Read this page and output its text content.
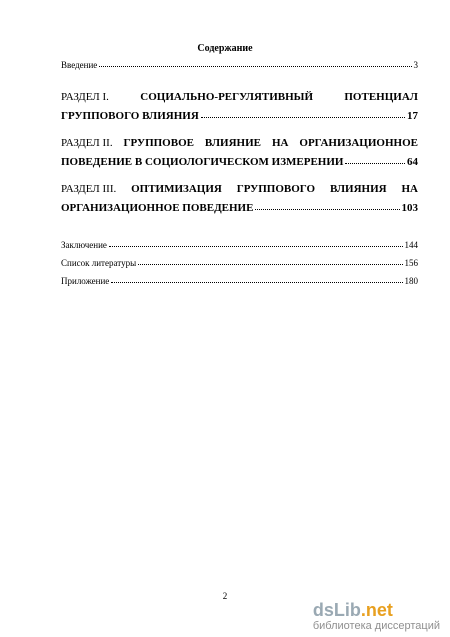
Содержание
Введение	3
РАЗДЕЛ I.	СОЦИАЛЬНО-РЕГУЛЯТИВНЫЙ	ПОТЕНЦИАЛ
ГРУППОВОГО ВЛИЯНИЯ	17
РАЗДЕЛ II. ГРУППОВОЕ ВЛИЯНИЕ НА ОРГАНИЗАЦИОННОЕ
ПОВЕДЕНИЕ В СОЦИОЛОГИЧЕСКОМ ИЗМЕРЕНИИ	64
РАЗДЕЛ III. ОПТИМИЗАЦИЯ ГРУППОВОГО ВЛИЯНИЯ НА
ОРГАНИЗАЦИОННОЕ ПОВЕДЕНИЕ	103
Заключение	144
Список литературы	156
Приложение	180
2
dsLib.net
библиотека диссертаций
